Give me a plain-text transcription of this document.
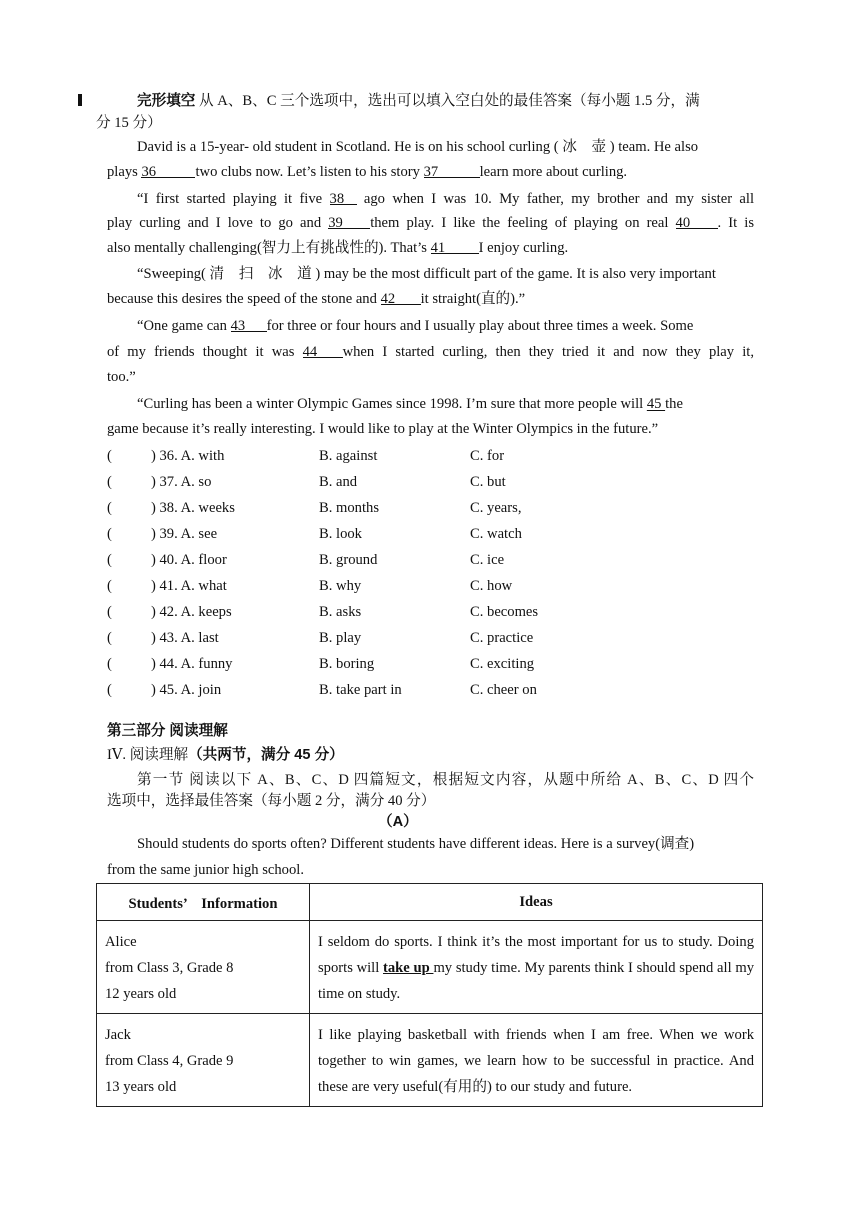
完形填空 从 A、B、C 三个选项中，选出可以填入空白处的最佳答案（每小题 1.5 分，满
分 15 分）
David is a 15-year- old student in Scotland. He is on his school curling ( 冰　壶 ) team. He also
plays 36	two clubs now. Let’s listen to his story 37	learn more about curling.
“I first started playing it five 38 ago when I was 10. My father, my brother and my sister all
play curling and I love to go and 39 them play. I like the feeling of playing on real 40 . It is
also mentally challenging(智力上有挑战性的). That’s 41 I enjoy curling.
“Sweeping( 清　扫　冰　道 ) may be the most difficult part of the game. It is also very important
because this desires the speed of the stone and 42 it straight(直的).”
“One game can 43 for three or four hours and I usually play about three times a week. Some
of my friends thought it was 44 when I started curling, then they tried it and now they play it,
too.”
“Curling has been a winter Olympic Games since 1998. I’m sure that more people will 45 the
game because it’s really interesting. I would like to play at the Winter Olympics in the future.”
(	) 36. A. with	B. against	C. for
(	) 37. A. so	B. and	C. but
(	) 38. A. weeks	B. months	C. years,
(	) 39. A. see	B. look	C. watch
(	) 40. A. floor	B. ground	C. ice
(	) 41. A. what	B. why	C. how
(	) 42. A. keeps	B. asks	C. becomes
(	) 43. A. last	B. play	C. practice
(	) 44. A. funny	B. boring	C. exciting
(	) 45. A. join	B. take part in	C. cheer on
第三部分 阅读理解
IⅤ. 阅读理解（共两节，满分 45 分）
第一节 阅读以下 A、B、C、D 四篇短文，根据短文内容，从题中所给 A、B、C、D 四个
选项中，选择最佳答案（每小题 2 分，满分 40 分）
（A）
Should students do sports often? Different students have different ideas. Here is a survey(调查)
from the same junior high school.
Students’　Information	Ideas

Alice
from Class 3, Grade 8
12 years old	I seldom do sports. I think it’s the most important for us to study. Doing sports will take up my study time. My parents think I should spend all my time on study.

Jack
from Class 4, Grade 9
13 years old	I like playing basketball with friends when I am free. When we work together to win games, we learn how to be successful in practice. And these are very useful(有用的) to our study and future.
